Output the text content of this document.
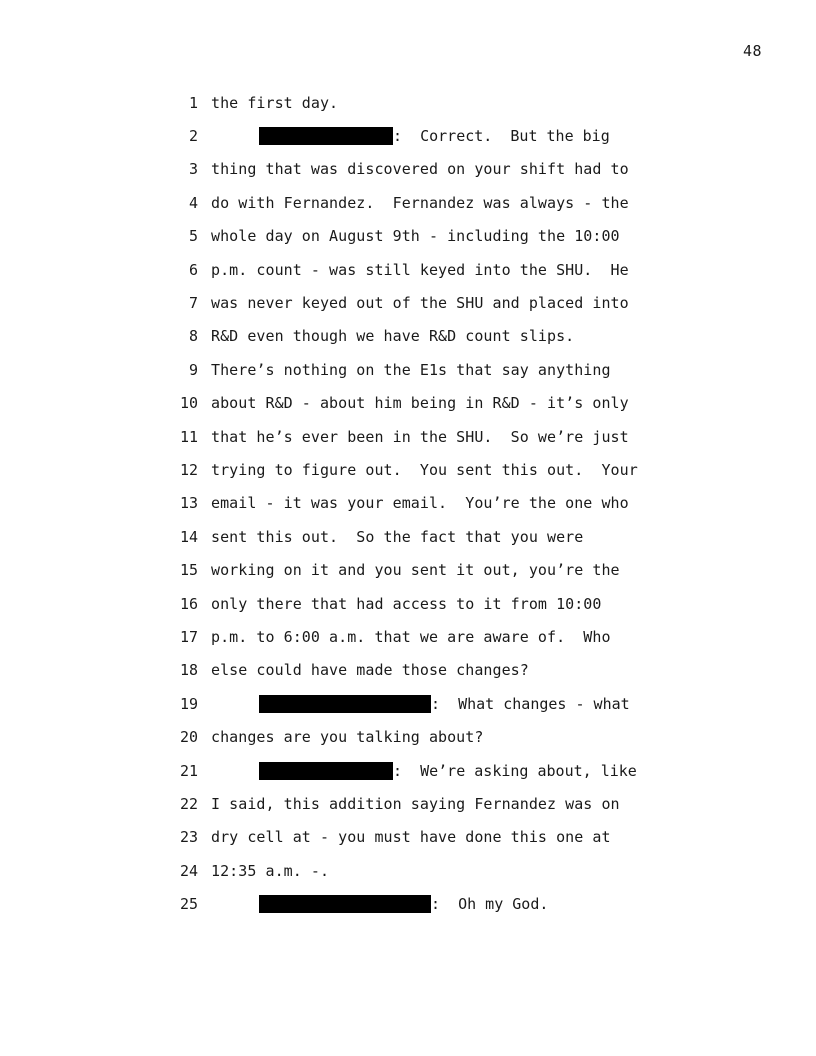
48
1 the first day.
2	:  Correct.  But the big
3 thing that was discovered on your shift had to
4 do with Fernandez.  Fernandez was always - the
5 whole day on August 9th - including the 10:00
6 p.m. count - was still keyed into the SHU.  He
7 was never keyed out of the SHU and placed into
8 R&D even though we have R&D count slips.
9 There’s nothing on the E1s that say anything
10 about R&D - about him being in R&D - it’s only
11 that he’s ever been in the SHU.  So we’re just
12 trying to figure out.  You sent this out.  Your
13 email - it was your email.  You’re the one who
14 sent this out.  So the fact that you were
15 working on it and you sent it out, you’re the
16 only there that had access to it from 10:00
17 p.m. to 6:00 a.m. that we are aware of.  Who
18 else could have made those changes?
19	:  What changes - what
20 changes are you talking about?
21	:  We’re asking about, like
22 I said, this addition saying Fernandez was on
23 dry cell at - you must have done this one at
24 12:35 a.m. -.
25	:  Oh my God.
